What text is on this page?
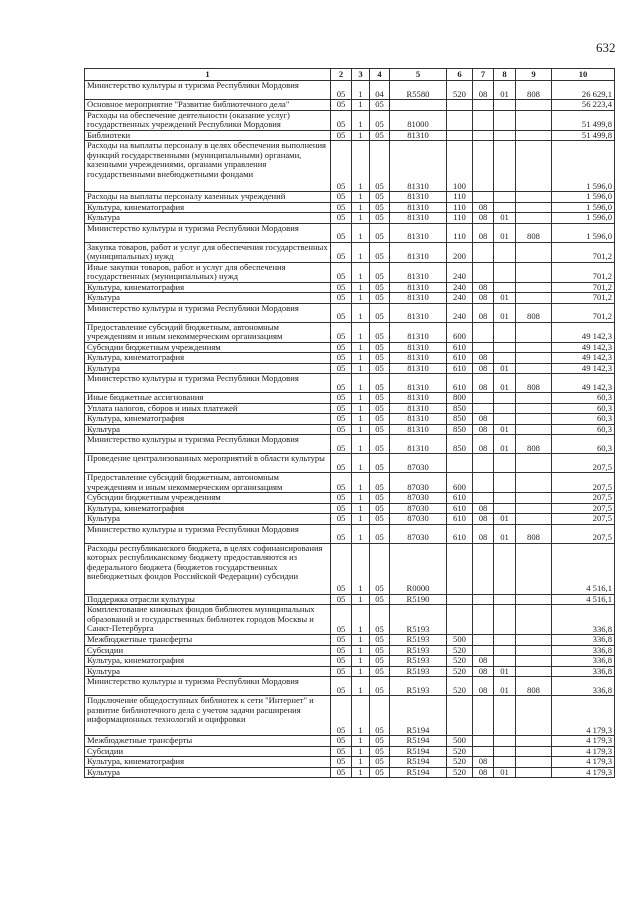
632
1	2	3	4	5	6	7	8	9	10
Министерство культуры и туризма Республики Мордовия	05	1	04	R5580	520	08	01	808	26 629,1
Основное мероприятие "Развитие библиотечного дела"	05	1	05						56 223,4
Расходы на обеспечение деятельности (оказание услуг) государственных учреждений Республики Мордовия	05	1	05	81000					51 499,8
Библиотеки	05	1	05	81310					51 499,8
Расходы на выплаты персоналу в целях обеспечения выполнения функций государственными (муниципальными) органами, казенными учреждениями, органами управления государственными внебюджетными фондами	05	1	05	81310	100				1 596,0
Расходы на выплаты персоналу казенных учреждений	05	1	05	81310	110				1 596,0
Культура, кинематография	05	1	05	81310	110	08			1 596,0
Культура	05	1	05	81310	110	08	01		1 596,0
Министерство культуры и туризма Республики Мордовия	05	1	05	81310	110	08	01	808	1 596,0
Закупка товаров, работ и услуг для обеспечения государственных (муниципальных) нужд	05	1	05	81310	200				701,2
Иные закупки товаров, работ и услуг для обеспечения государственных (муниципальных) нужд	05	1	05	81310	240				701,2
Культура, кинематография	05	1	05	81310	240	08			701,2
Культура	05	1	05	81310	240	08	01		701,2
Министерство культуры и туризма Республики Мордовия	05	1	05	81310	240	08	01	808	701,2
Предоставление субсидий бюджетным, автономным учреждениям и иным некоммерческим организациям	05	1	05	81310	600				49 142,3
Субсидии бюджетным учреждениям	05	1	05	81310	610				49 142,3
Культура, кинематография	05	1	05	81310	610	08			49 142,3
Культура	05	1	05	81310	610	08	01		49 142,3
Министерство культуры и туризма Республики Мордовия	05	1	05	81310	610	08	01	808	49 142,3
Иные бюджетные ассигнования	05	1	05	81310	800				60,3
Уплата налогов, сборов и иных платежей	05	1	05	81310	850				60,3
Культура, кинематография	05	1	05	81310	850	08			60,3
Культура	05	1	05	81310	850	08	01		60,3
Министерство культуры и туризма Республики Мордовия	05	1	05	81310	850	08	01	808	60,3
Проведение централизованных мероприятий в области культуры	05	1	05	87030					207,5
Предоставление субсидий бюджетным, автономным учреждениям и иным некоммерческим организациям	05	1	05	87030	600				207,5
Субсидии бюджетным учреждениям	05	1	05	87030	610				207,5
Культура, кинематография	05	1	05	87030	610	08			207,5
Культура	05	1	05	87030	610	08	01		207,5
Министерство культуры и туризма Республики Мордовия	05	1	05	87030	610	08	01	808	207,5
Расходы республиканского бюджета, в целях софинансирования которых республиканскому бюджету предоставляются из федерального бюджета (бюджетов государственных внебюджетных фондов Российской Федерации) субсидии	05	1	05	R0000					4 516,1
Поддержка отрасли культуры	05	1	05	R5190					4 516,1
Комплектование книжных фондов библиотек муниципальных образований и государственных библиотек городов Москвы и Санкт-Петербурга	05	1	05	R5193					336,8
Межбюджетные трансферты	05	1	05	R5193	500				336,8
Субсидии	05	1	05	R5193	520				336,8
Культура, кинематография	05	1	05	R5193	520	08			336,8
Культура	05	1	05	R5193	520	08	01		336,8
Министерство культуры и туризма Республики Мордовия	05	1	05	R5193	520	08	01	808	336,8
Подключение общедоступных библиотек к сети "Интернет" и развитие библиотечного дела с учетом задачи расширения информационных технологий и оцифровки	05	1	05	R5194					4 179,3
Межбюджетные трансферты	05	1	05	R5194	500				4 179,3
Субсидии	05	1	05	R5194	520				4 179,3
Культура, кинематография	05	1	05	R5194	520	08			4 179,3
Культура	05	1	05	R5194	520	08	01		4 179,3
